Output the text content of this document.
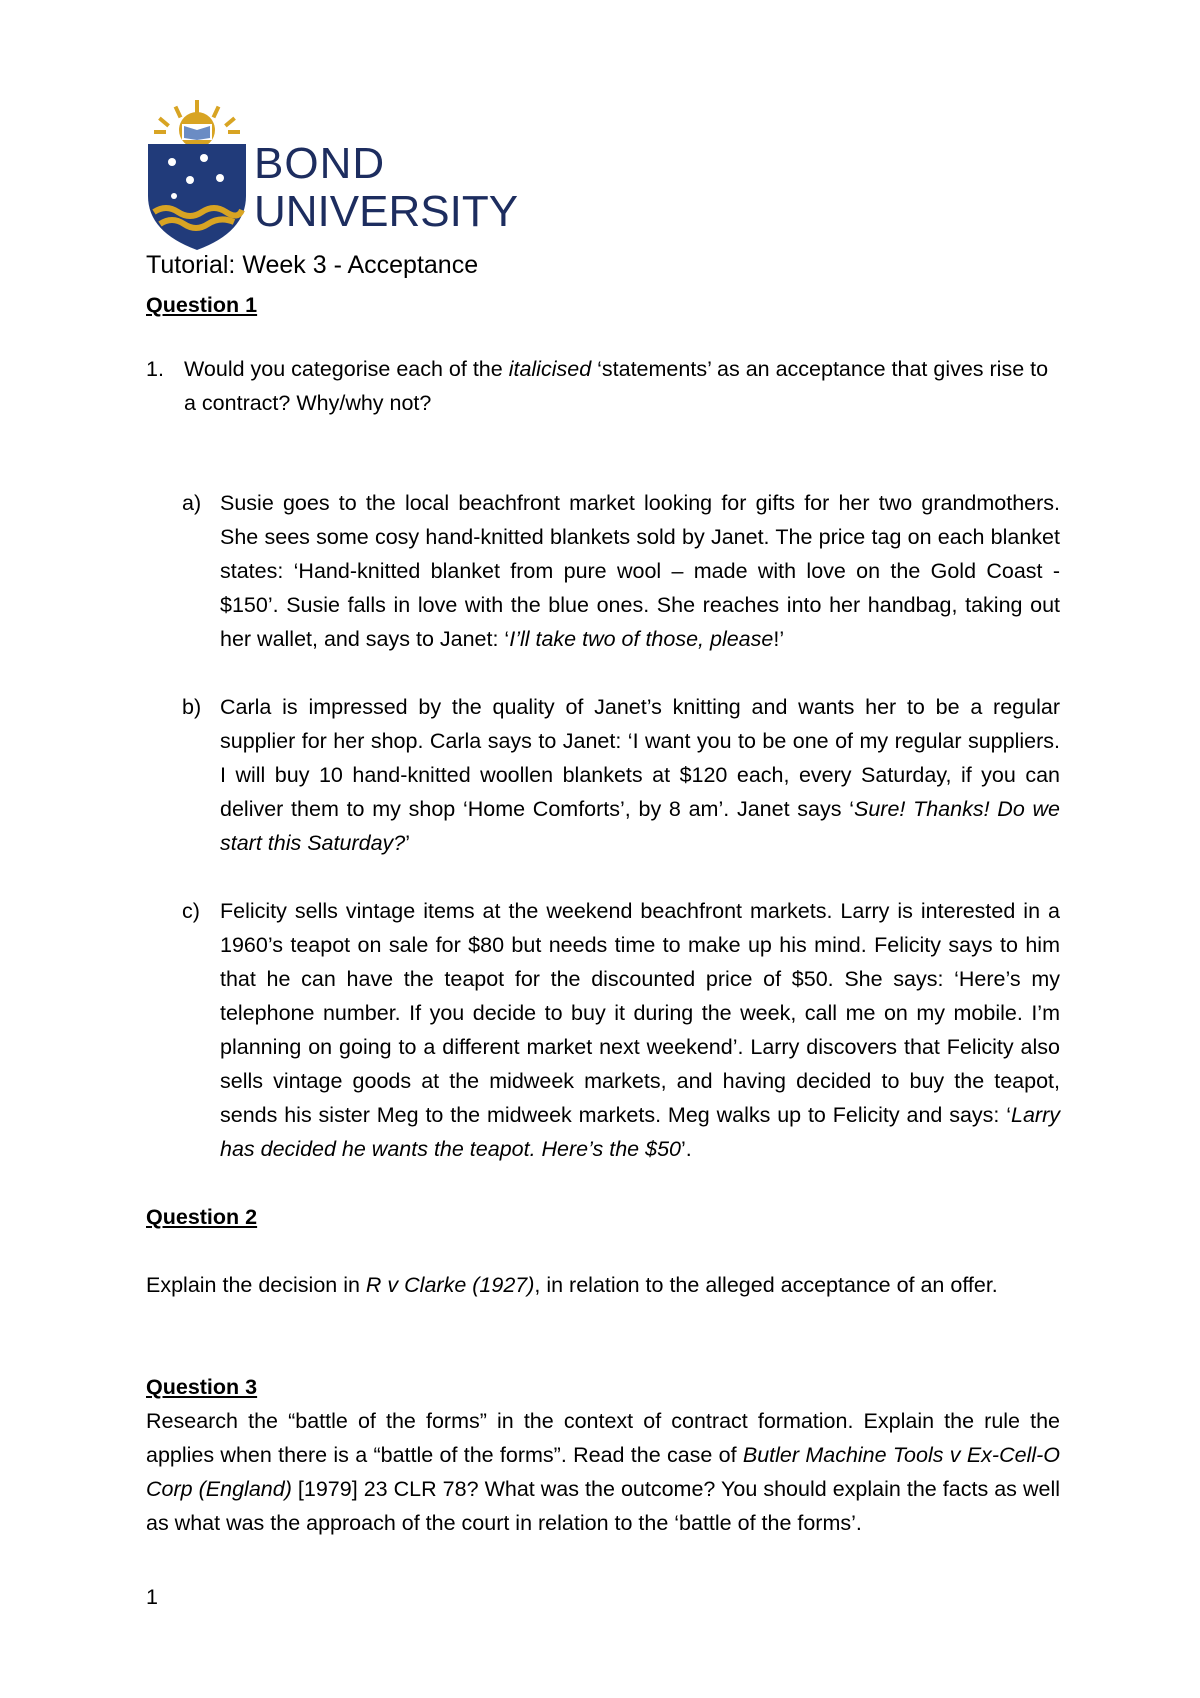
BOND
UNIVERSITY
Tutorial: Week 3 - Acceptance
Question 1
1. Would you categorise each of the italicised ‘statements’ as an acceptance that gives rise to a contract? Why/why not?
a) Susie goes to the local beachfront market looking for gifts for her two grandmothers. She sees some cosy hand-knitted blankets sold by Janet. The price tag on each blanket states: ‘Hand-knitted blanket from pure wool – made with love on the Gold Coast - $150’. Susie falls in love with the blue ones. She reaches into her handbag, taking out her wallet, and says to Janet: ‘I’ll take two of those, please!’
b) Carla is impressed by the quality of Janet’s knitting and wants her to be a regular supplier for her shop. Carla says to Janet: ‘I want you to be one of my regular suppliers. I will buy 10 hand-knitted woollen blankets at $120 each, every Saturday, if you can deliver them to my shop ‘Home Comforts’, by 8 am’. Janet says ‘Sure! Thanks! Do we start this Saturday?’
c) Felicity sells vintage items at the weekend beachfront markets. Larry is interested in a 1960’s teapot on sale for $80 but needs time to make up his mind. Felicity says to him that he can have the teapot for the discounted price of $50. She says: ‘Here’s my telephone number. If you decide to buy it during the week, call me on my mobile. I’m planning on going to a different market next weekend’. Larry discovers that Felicity also sells vintage goods at the midweek markets, and having decided to buy the teapot, sends his sister Meg to the midweek markets. Meg walks up to Felicity and says: ‘Larry has decided he wants the teapot. Here’s the $50’.
Question 2
Explain the decision in R v Clarke (1927), in relation to the alleged acceptance of an offer.
Question 3
Research the “battle of the forms” in the context of contract formation. Explain the rule the applies when there is a “battle of the forms”. Read the case of Butler Machine Tools v Ex-Cell-O Corp (England) [1979] 23 CLR 78? What was the outcome? You should explain the facts as well as what was the approach of the court in relation to the ‘battle of the forms’.
1
